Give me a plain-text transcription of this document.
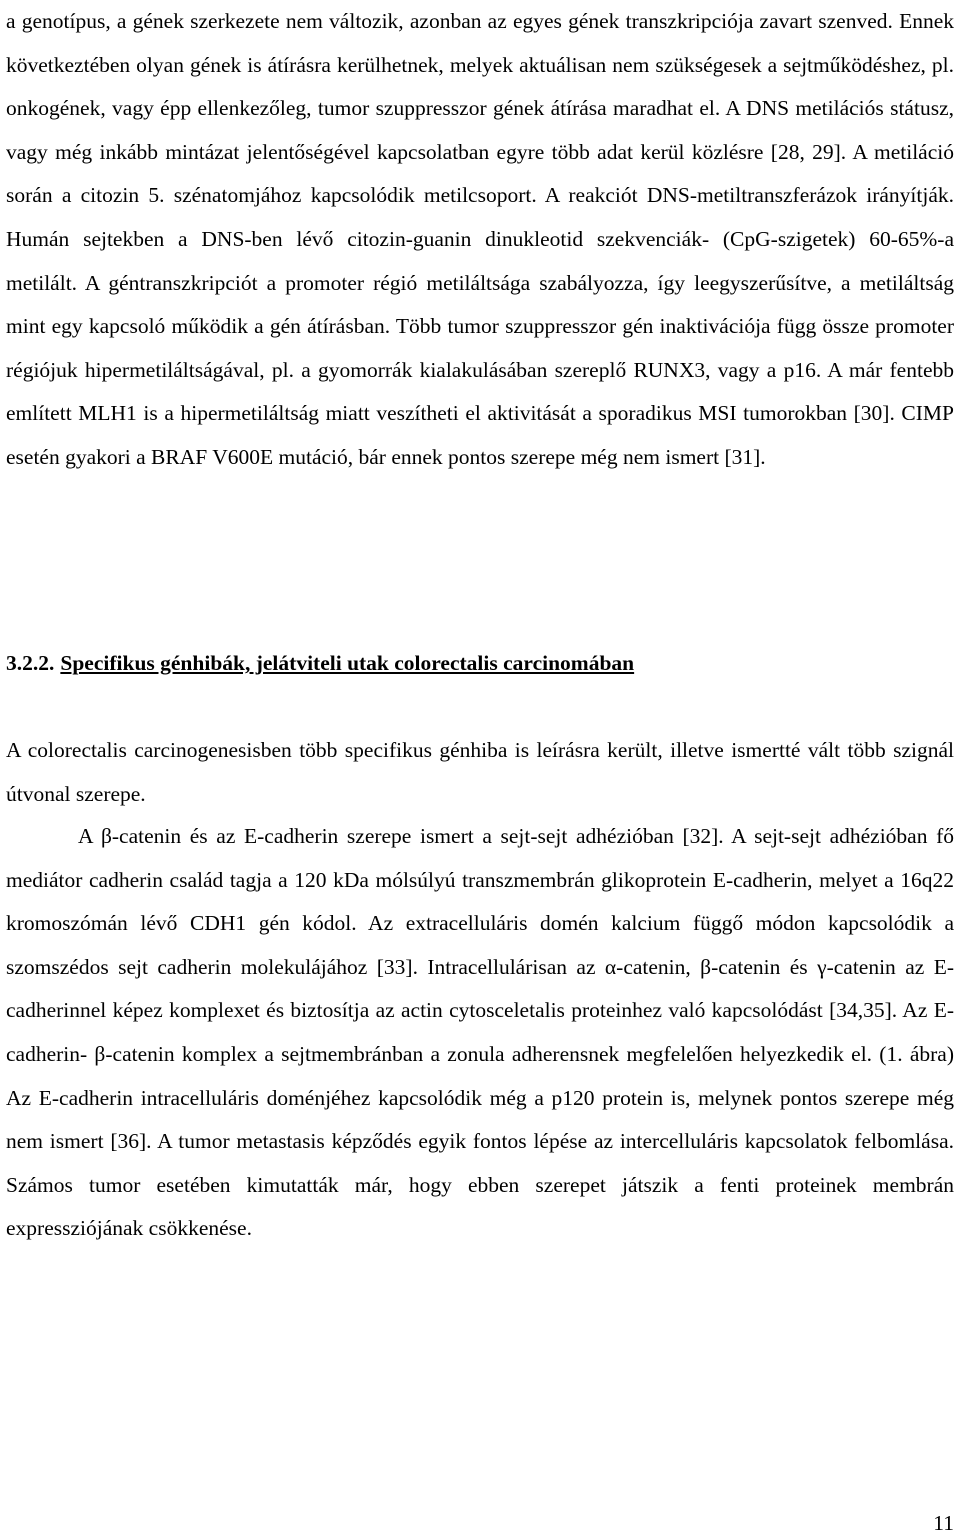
a genotípus, a gének szerkezete nem változik, azonban az egyes gének transzkripciója zavart szenved. Ennek következtében olyan gének is átírásra kerülhetnek, melyek aktuálisan nem szükségesek a sejtműködéshez, pl. onkogének, vagy épp ellenkezőleg, tumor szuppresszor gének átírása maradhat el. A DNS metilációs státusz, vagy még inkább mintázat jelentőségével kapcsolatban egyre több adat kerül közlésre [28, 29]. A metiláció során a citozin 5. szénatomjához kapcsolódik metilcsoport. A reakciót DNS-metiltranszferázok irányítják. Humán sejtekben a DNS-ben lévő citozin-guanin dinukleotid szekvenciák- (CpG-szigetek) 60-65%-a metilált. A géntranszkripciót a promoter régió metiláltsága szabályozza, így leegyszerűsítve, a metiláltság mint egy kapcsoló működik a gén átírásban. Több tumor szuppresszor gén inaktivációja függ össze promoter régiójuk hipermetiláltságával, pl. a gyomorrák kialakulásában szereplő RUNX3, vagy a p16. A már fentebb említett MLH1 is a hipermetiláltság miatt veszítheti el aktivitását a sporadikus MSI tumorokban [30]. CIMP esetén gyakori a BRAF V600E mutáció, bár ennek pontos szerepe még nem ismert [31].

3.2.2. Specifikus génhibák, jelátviteli utak colorectalis carcinomában

A colorectalis carcinogenesisben több specifikus génhiba is leírásra került, illetve ismertté vált több szignál útvonal szerepe.

A β-catenin és az E-cadherin szerepe ismert a sejt-sejt adhézióban [32]. A sejt-sejt adhézióban fő mediátor cadherin család tagja a 120 kDa mólsúlyú transzmembrán glikoprotein E-cadherin, melyet a 16q22 kromoszómán lévő CDH1 gén kódol. Az extracelluláris domén kalcium függő módon kapcsolódik a szomszédos sejt cadherin molekulájához [33]. Intracellulárisan az α-catenin, β-catenin és γ-catenin az E-cadherinnel képez komplexet és biztosítja az actin cytosceletalis proteinhez való kapcsolódást [34,35]. Az E-cadherin- β-catenin komplex a sejtmembránban a zonula adherensnek megfelelően helyezkedik el. (1. ábra) Az E-cadherin intracelluláris doménjéhez kapcsolódik még a p120 protein is, melynek pontos szerepe még nem ismert [36]. A tumor metastasis képződés egyik fontos lépése az intercelluláris kapcsolatok felbomlása. Számos tumor esetében kimutatták már, hogy ebben szerepet játszik a fenti proteinek membrán expressziójának csökkenése.

11
